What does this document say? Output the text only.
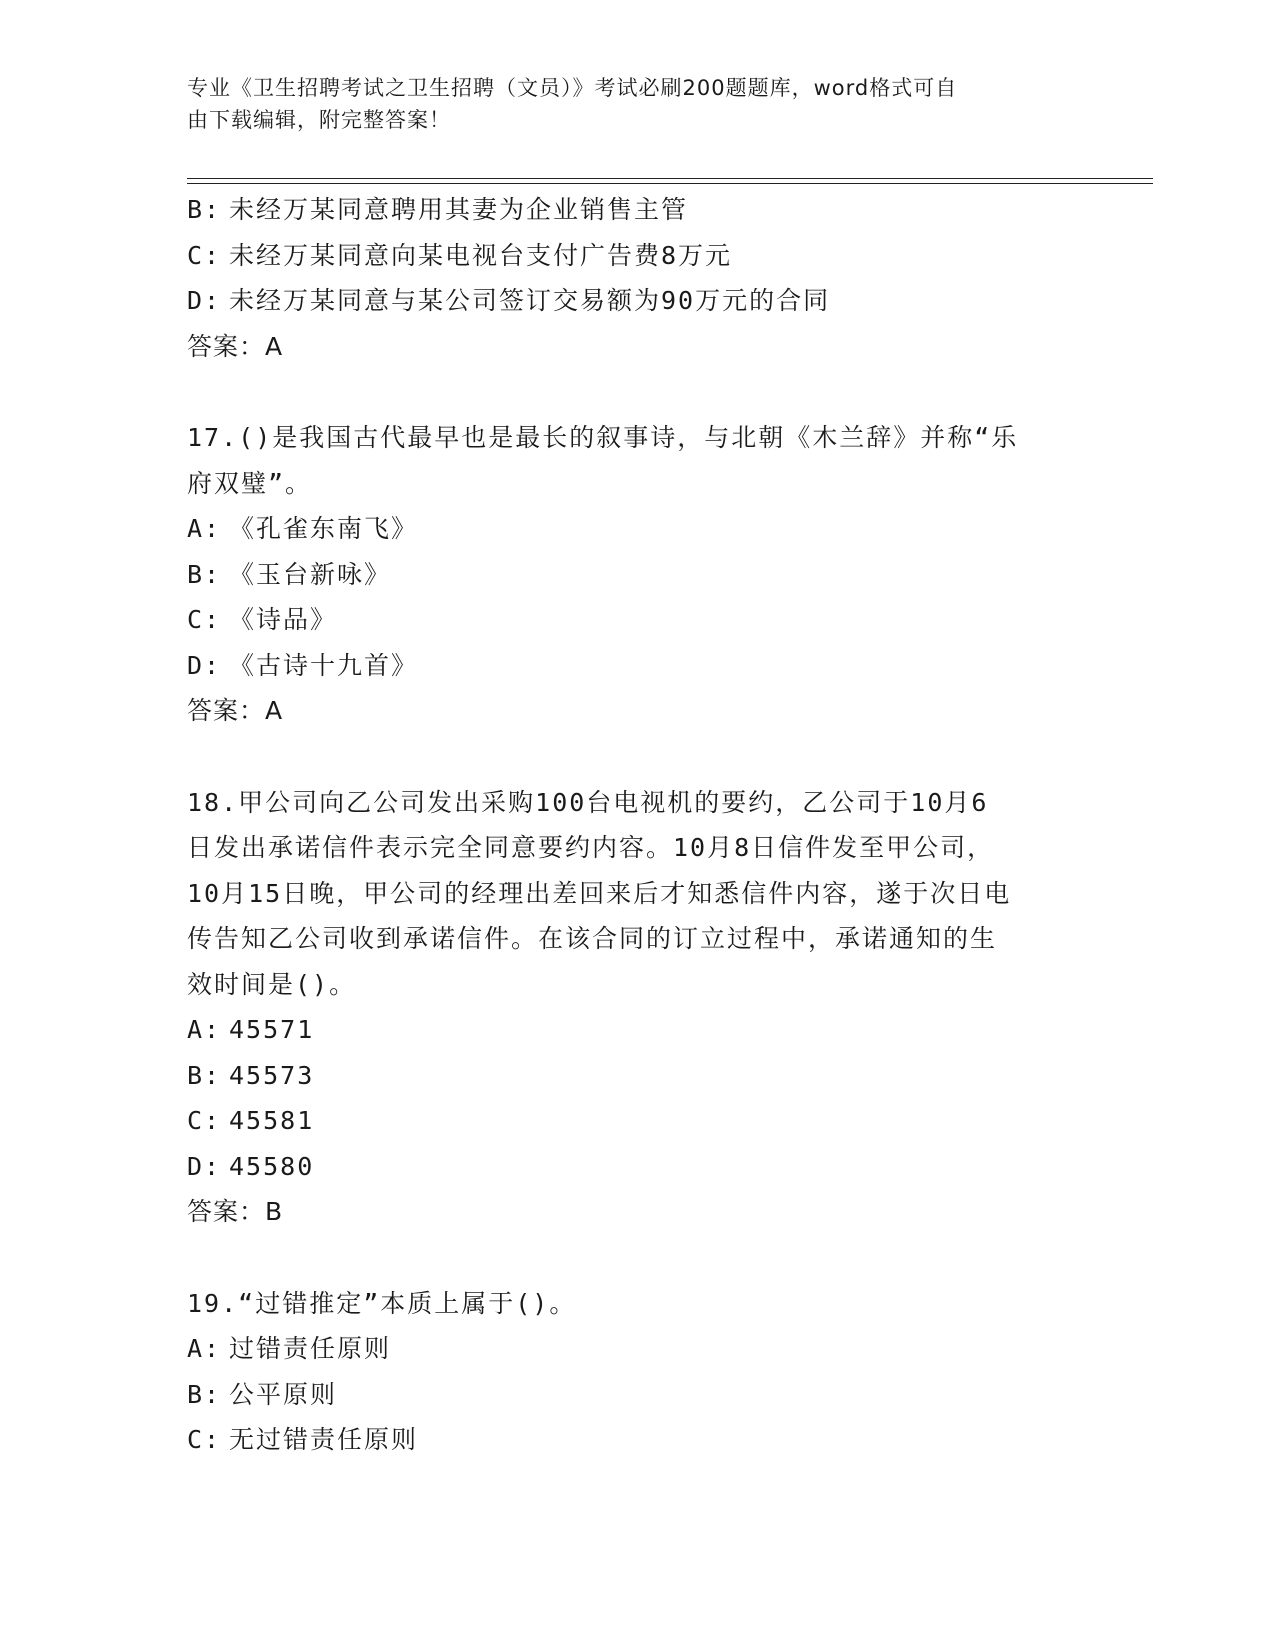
专业《卫生招聘考试之卫生招聘（文员）》考试必刷200题题库，word格式可自
由下载编辑，附完整答案！
B: 未经万某同意聘用其妻为企业销售主管
C: 未经万某同意向某电视台支付广告费8万元
D: 未经万某同意与某公司签订交易额为90万元的合同
答案：A
17.()是我国古代最早也是最长的叙事诗，与北朝《木兰辞》并称“乐
府双璧”。
A: 《孔雀东南飞》
B: 《玉台新咏》
C: 《诗品》
D: 《古诗十九首》
答案：A
18.甲公司向乙公司发出采购100台电视机的要约，乙公司于10月6
日发出承诺信件表示完全同意要约内容。10月8日信件发至甲公司，
10月15日晚，甲公司的经理出差回来后才知悉信件内容，遂于次日电
传告知乙公司收到承诺信件。在该合同的订立过程中，承诺通知的生
效时间是()。
A: 45571
B: 45573
C: 45581
D: 45580
答案：B
19.“过错推定”本质上属于()。
A: 过错责任原则
B: 公平原则
C: 无过错责任原则
